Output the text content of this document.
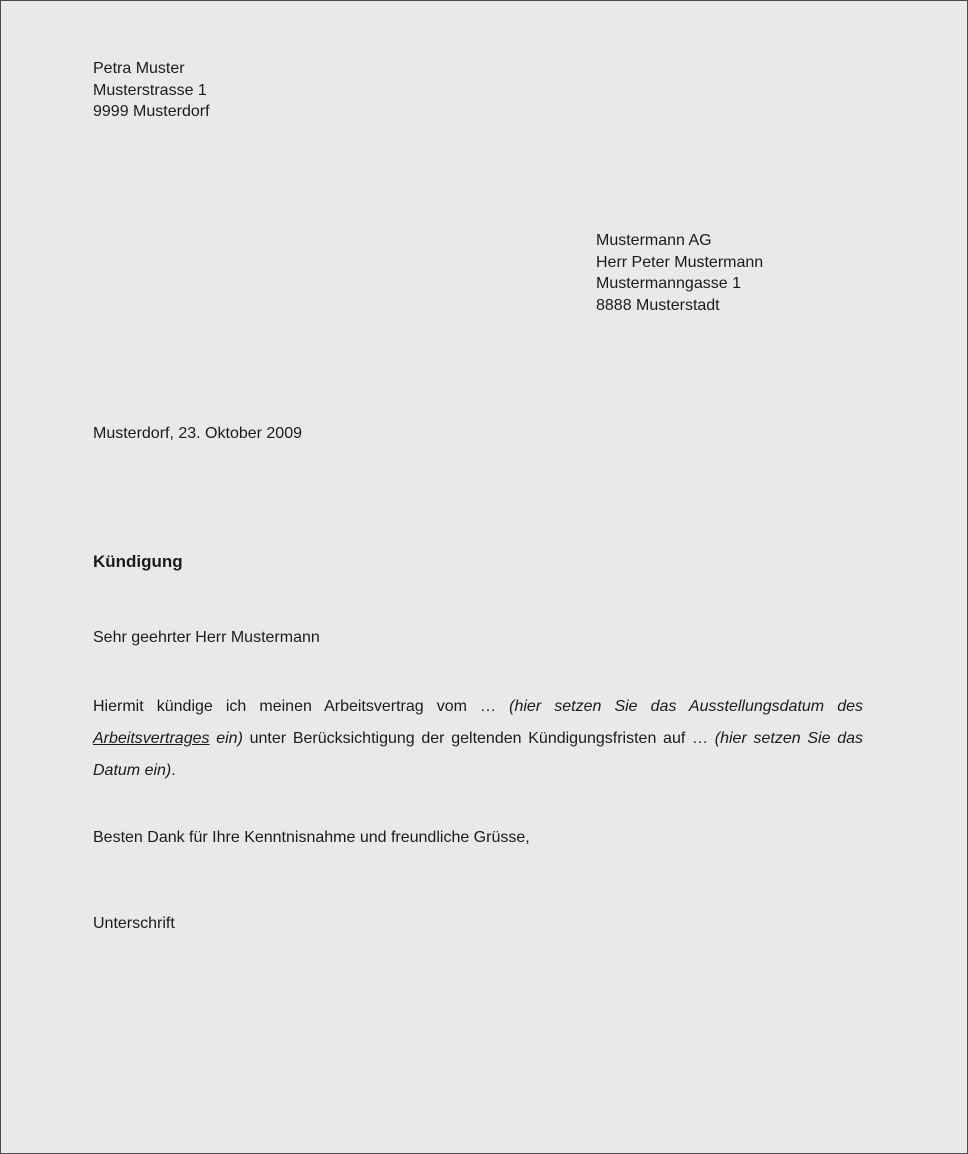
Petra Muster
Musterstrasse 1
9999 Musterdorf
Mustermann AG
Herr Peter Mustermann
Mustermanngasse 1
8888 Musterstadt
Musterdorf, 23. Oktober 2009
Kündigung
Sehr geehrter Herr Mustermann
Hiermit kündige ich meinen Arbeitsvertrag vom … (hier setzen Sie das Ausstellungsdatum des Arbeitsvertrages ein) unter Berücksichtigung der geltenden Kündigungsfristen auf … (hier setzen Sie das Datum ein).
Besten Dank für Ihre Kenntnisnahme und freundliche Grüsse,
Unterschrift
